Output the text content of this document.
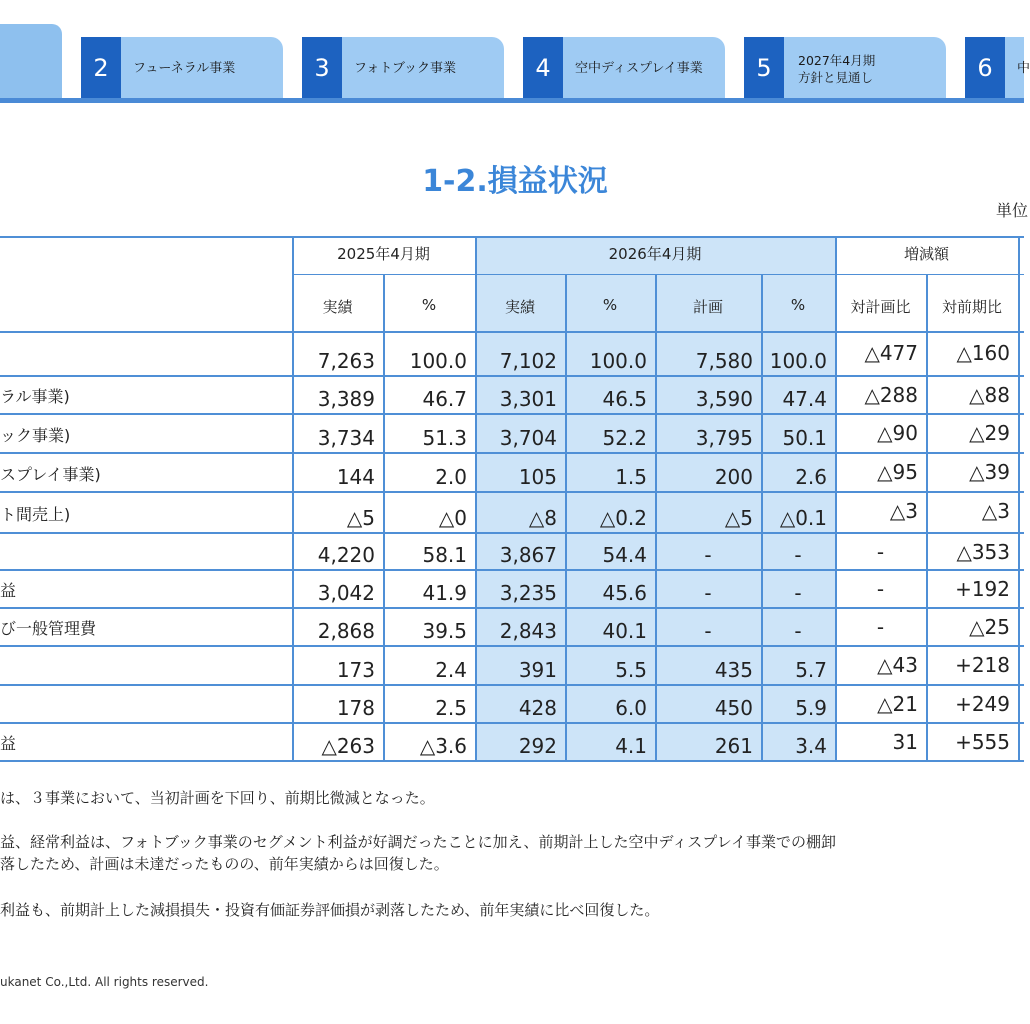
2	フューネラル事業	3	フォトブック事業	4	空中ディスプレイ事業	5	2027年4月期
方針と見通し	6	中
1-2.損益状況
単位
2025年4月期	2026年4月期	増減額
実績	%	実績	%	計画	%	対計画比	対前期比
7,263	100.0	7,102	100.0	7,580 100.0	△477	△160
ラル事業)	3,389	46.7	3,301	46.5	3,590	47.4	△288	△88
ック事業)	3,734	51.3	3,704	52.2	3,795	50.1	△90	△29
スプレイ事業)	144	2.0	105	1.5	200	2.6	△95	△39
ト間売上)	△5	△0	△8	△0.2	△5	△0.1	△3	△3
4,220	58.1	3,867	54.4	-	-	-	△353
益	3,042	41.9	3,235	45.6	-	-	-	+192
び一般管理費	2,868	39.5	2,843	40.1	-	-	-	△25
173	2.4	391	5.5	435	5.7	△43	+218
178	2.5	428	6.0	450	5.9	△21	+249
益	△263	△3.6	292	4.1	261	3.4	31	+555
は、３事業において、当初計画を下回り、前期比微減となった。
益、経常利益は、フォトブック事業のセグメント利益が好調だったことに加え、前期計上した空中ディスプレイ事業での棚卸
落したため、計画は未達だったものの、前年実績からは回復した。
利益も、前期計上した減損損失・投資有価証券評価損が剥落したため、前年実績に比べ回復した。
ukanet Co.,Ltd. All rights reserved.
